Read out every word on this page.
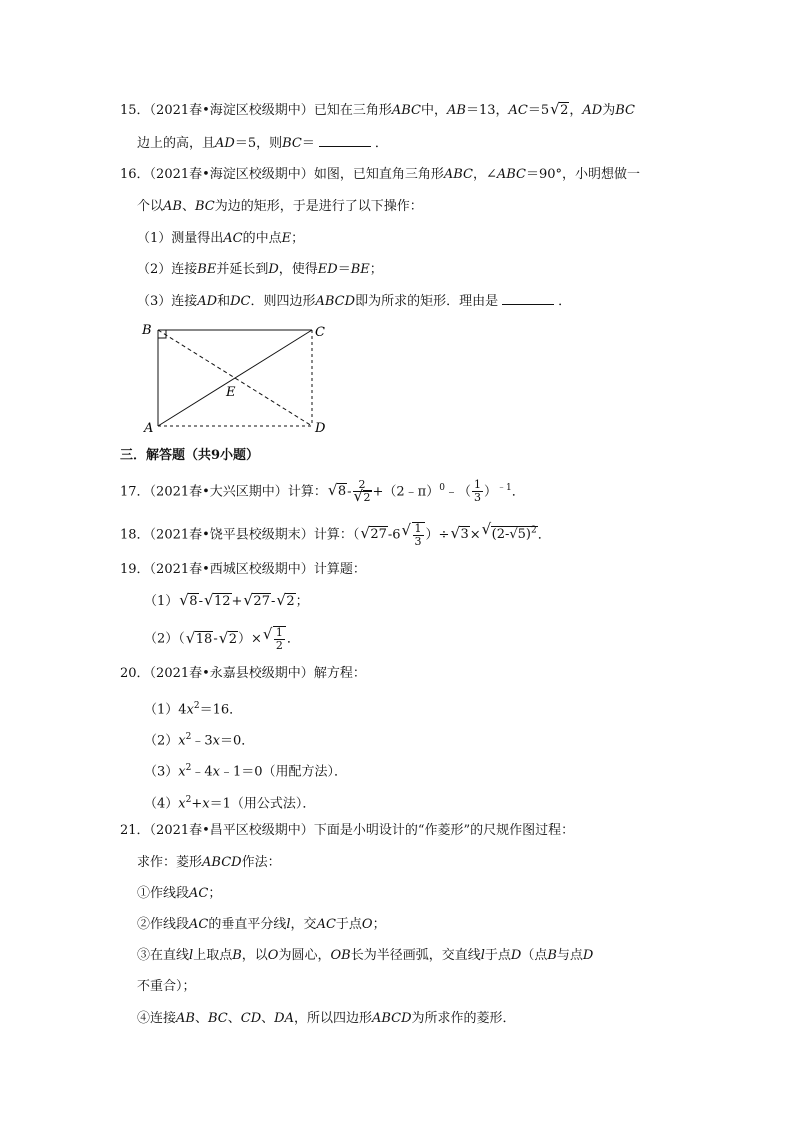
15．（2021春•海淀区校级期中）已知在三角形ABC中，AB＝13，AC＝5 √ 2，AD为BC
边上的高，且AD＝5，则BC＝	．
16．（2021春•海淀区校级期中）如图，已知直角三角形ABC，∠ABC＝90°，小明想做一
个以AB、BC为边的矩形，于是进行了以下操作：
（1）测量得出AC的中点E；
（2）连接BE并延长到D，使得ED＝BE；
（3）连接AD和DC．则四边形ABCD即为所求的矩形．理由是	．
B	C
A	D
E
三．解答题（共9小题）
17．（2021春•大兴区期中）计算： √ 8- 2
√ 2 +（2﹣π）$^0$﹣（ $\frac{1}{3} )^{﹣1}$．
18．（2021春•饶平县校级期末）计算：（ √ 27-6 √ $\frac{1}{3}$ ）÷ √ 3× √ $(2-√5)^2$．
19．（2021春•西城区校级期中）计算题：
（1） √ 8- √ 12+ √ 27- √ 2；
（2）（ √ 18- √ 2）× √ $\frac{1}{2}$ ．
20．（2021春•永嘉县校级期中）解方程：
$(1)4x^2=16$．
$(2)x^2﹣3x=0$．
$(3)x^2﹣4x﹣1=0$（用配方法）．
$(4)x^2+x=1$（用公式法）．
21．（2021春•昌平区校级期中）下面是小明设计的“作菱形”的尺规作图过程：
求作：菱形ABCD作法：
①作线段AC；
②作线段AC的垂直平分线l，交AC于点O；
③在直线l上取点B，以O为圆心，OB长为半径画弧，交直线l于点D（点B与点D
不重合）；
④连接AB、BC、CD、DA，所以四边形ABCD为所求作的菱形．
